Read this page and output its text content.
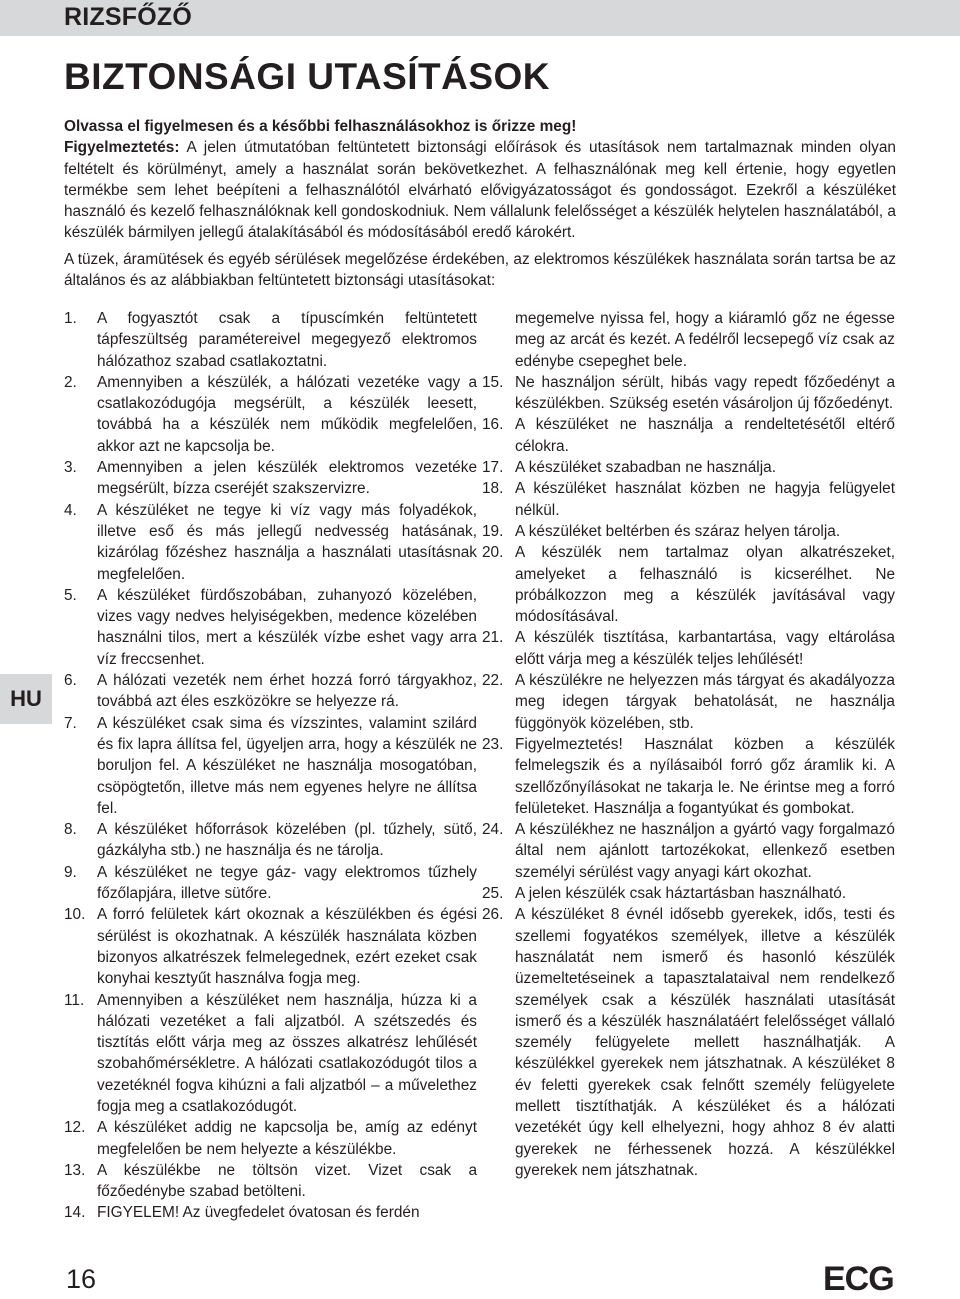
RIZSFŐZŐ
HU
BIZTONSÁGI UTASÍTÁSOK

Olvassa el figyelmesen és a későbbi felhasználásokhoz is őrizze meg!

Figyelmeztetés: A jelen útmutatóban feltüntetett biztonsági előírások és utasítások nem tartalmaznak minden olyan feltételt és körülményt, amely a használat során bekövetkezhet. A felhasználónak meg kell értenie, hogy egyetlen termékbe sem lehet beépíteni a felhasználótól elvárható elővigyázatosságot és gondosságot. Ezekről a készüléket használó és kezelő felhasználóknak kell gondoskodniuk. Nem vállalunk felelősséget a készülék helytelen használatából, a készülék bármilyen jellegű átalakításából és módosításából eredő károkért.

A tüzek, áramütések és egyéb sérülések megelőzése érdekében, az elektromos készülékek használata során tartsa be az általános és az alábbiakban feltüntetett biztonsági utasításokat:

1. A fogyasztót csak a típuscímkén feltüntetett tápfeszültség paramétereivel megegyező elektromos hálózathoz szabad csatlakoztatni.

2. Amennyiben a készülék, a hálózati vezetéke vagy a csatlakozódugója megsérült, a készülék leesett, továbbá ha a készülék nem működik megfelelően, akkor azt ne kapcsolja be.

3. Amennyiben a jelen készülék elektromos vezetéke megsérült, bízza cseréjét szakszervizre.

4. A készüléket ne tegye ki víz vagy más folyadékok, illetve eső és más jellegű nedvesség hatásának, kizárólag főzéshez használja a használati utasításnak megfelelően.

5. A készüléket fürdőszobában, zuhanyozó közelében, vizes vagy nedves helyiségekben, medence közelében használni tilos, mert a készülék vízbe eshet vagy arra víz freccsenhet.

6. A hálózati vezeték nem érhet hozzá forró tárgyakhoz, továbbá azt éles eszközökre se helyezze rá.

7. A készüléket csak sima és vízszintes, valamint szilárd és fix lapra állítsa fel, ügyeljen arra, hogy a készülék ne boruljon fel. A készüléket ne használja mosogatóban, csöpögtetőn, illetve más nem egyenes helyre ne állítsa fel.

8. A készüléket hőforrások közelében (pl. tűzhely, sütő, gázkályha stb.) ne használja és ne tárolja.

9. A készüléket ne tegye gáz- vagy elektromos tűzhely főzőlapjára, illetve sütőre.

10. A forró felületek kárt okoznak a készülékben és égési sérülést is okozhatnak. A készülék használata közben bizonyos alkatrészek felmelegednek, ezért ezeket csak konyhai kesztyűt használva fogja meg.

11. Amennyiben a készüléket nem használja, húzza ki a hálózati vezetéket a fali aljzatból. A szétszedés és tisztítás előtt várja meg az összes alkatrész lehűlését szobahőmérsékletre. A hálózati csatlakozódugót tilos a vezetéknél fogva kihúzni a fali aljzatból – a művelethez fogja meg a csatlakozódugót.

12. A készüléket addig ne kapcsolja be, amíg az edényt megfelelően be nem helyezte a készülékbe.

13. A készülékbe ne töltsön vizet. Vizet csak a főzőedénybe szabad betölteni.

14. FIGYELEM! Az üvegfedelet óvatosan és ferdén

megemelve nyissa fel, hogy a kiáramló gőz ne égesse meg az arcát és kezét. A fedélről lecsepegő víz csak az edénybe csepeghet bele.

15. Ne használjon sérült, hibás vagy repedt főzőedényt a készülékben. Szükség esetén vásároljon új főzőedényt.

16. A készüléket ne használja a rendeltetésétől eltérő célokra.

17. A készüléket szabadban ne használja.

18. A készüléket használat közben ne hagyja felügyelet nélkül.

19. A készüléket beltérben és száraz helyen tárolja.

20. A készülék nem tartalmaz olyan alkatrészeket, amelyeket a felhasználó is kicserélhet. Ne próbálkozzon meg a készülék javításával vagy módosításával.

21. A készülék tisztítása, karbantartása, vagy eltárolása előtt várja meg a készülék teljes lehűlését!

22. A készülékre ne helyezzen más tárgyat és akadályozza meg idegen tárgyak behatolását, ne használja függönyök közelében, stb.

23. Figyelmeztetés! Használat közben a készülék felmelegszik és a nyílásaiból forró gőz áramlik ki. A szellőzőnyílásokat ne takarja le. Ne érintse meg a forró felületeket. Használja a fogantyúkat és gombokat.

24. A készülékhez ne használjon a gyártó vagy forgalmazó által nem ajánlott tartozékokat, ellenkező esetben személyi sérülést vagy anyagi kárt okozhat.

25. A jelen készülék csak háztartásban használható.

26. A készüléket 8 évnél idősebb gyerekek, idős, testi és szellemi fogyatékos személyek, illetve a készülék használatát nem ismerő és hasonló készülék üzemeltetéseinek a tapasztalataival nem rendelkező személyek csak a készülék használati utasítását ismerő és a készülék használatáért felelősséget vállaló személy felügyelete mellett használhatják. A készülékkel gyerekek nem játszhatnak. A készüléket 8 év feletti gyerekek csak felnőtt személy felügyelete mellett tisztíthatják. A készüléket és a hálózati vezetékét úgy kell elhelyezni, hogy ahhoz 8 év alatti gyerekek ne férhessenek hozzá. A készülékkel gyerekek nem játszhatnak.

16	ECG
